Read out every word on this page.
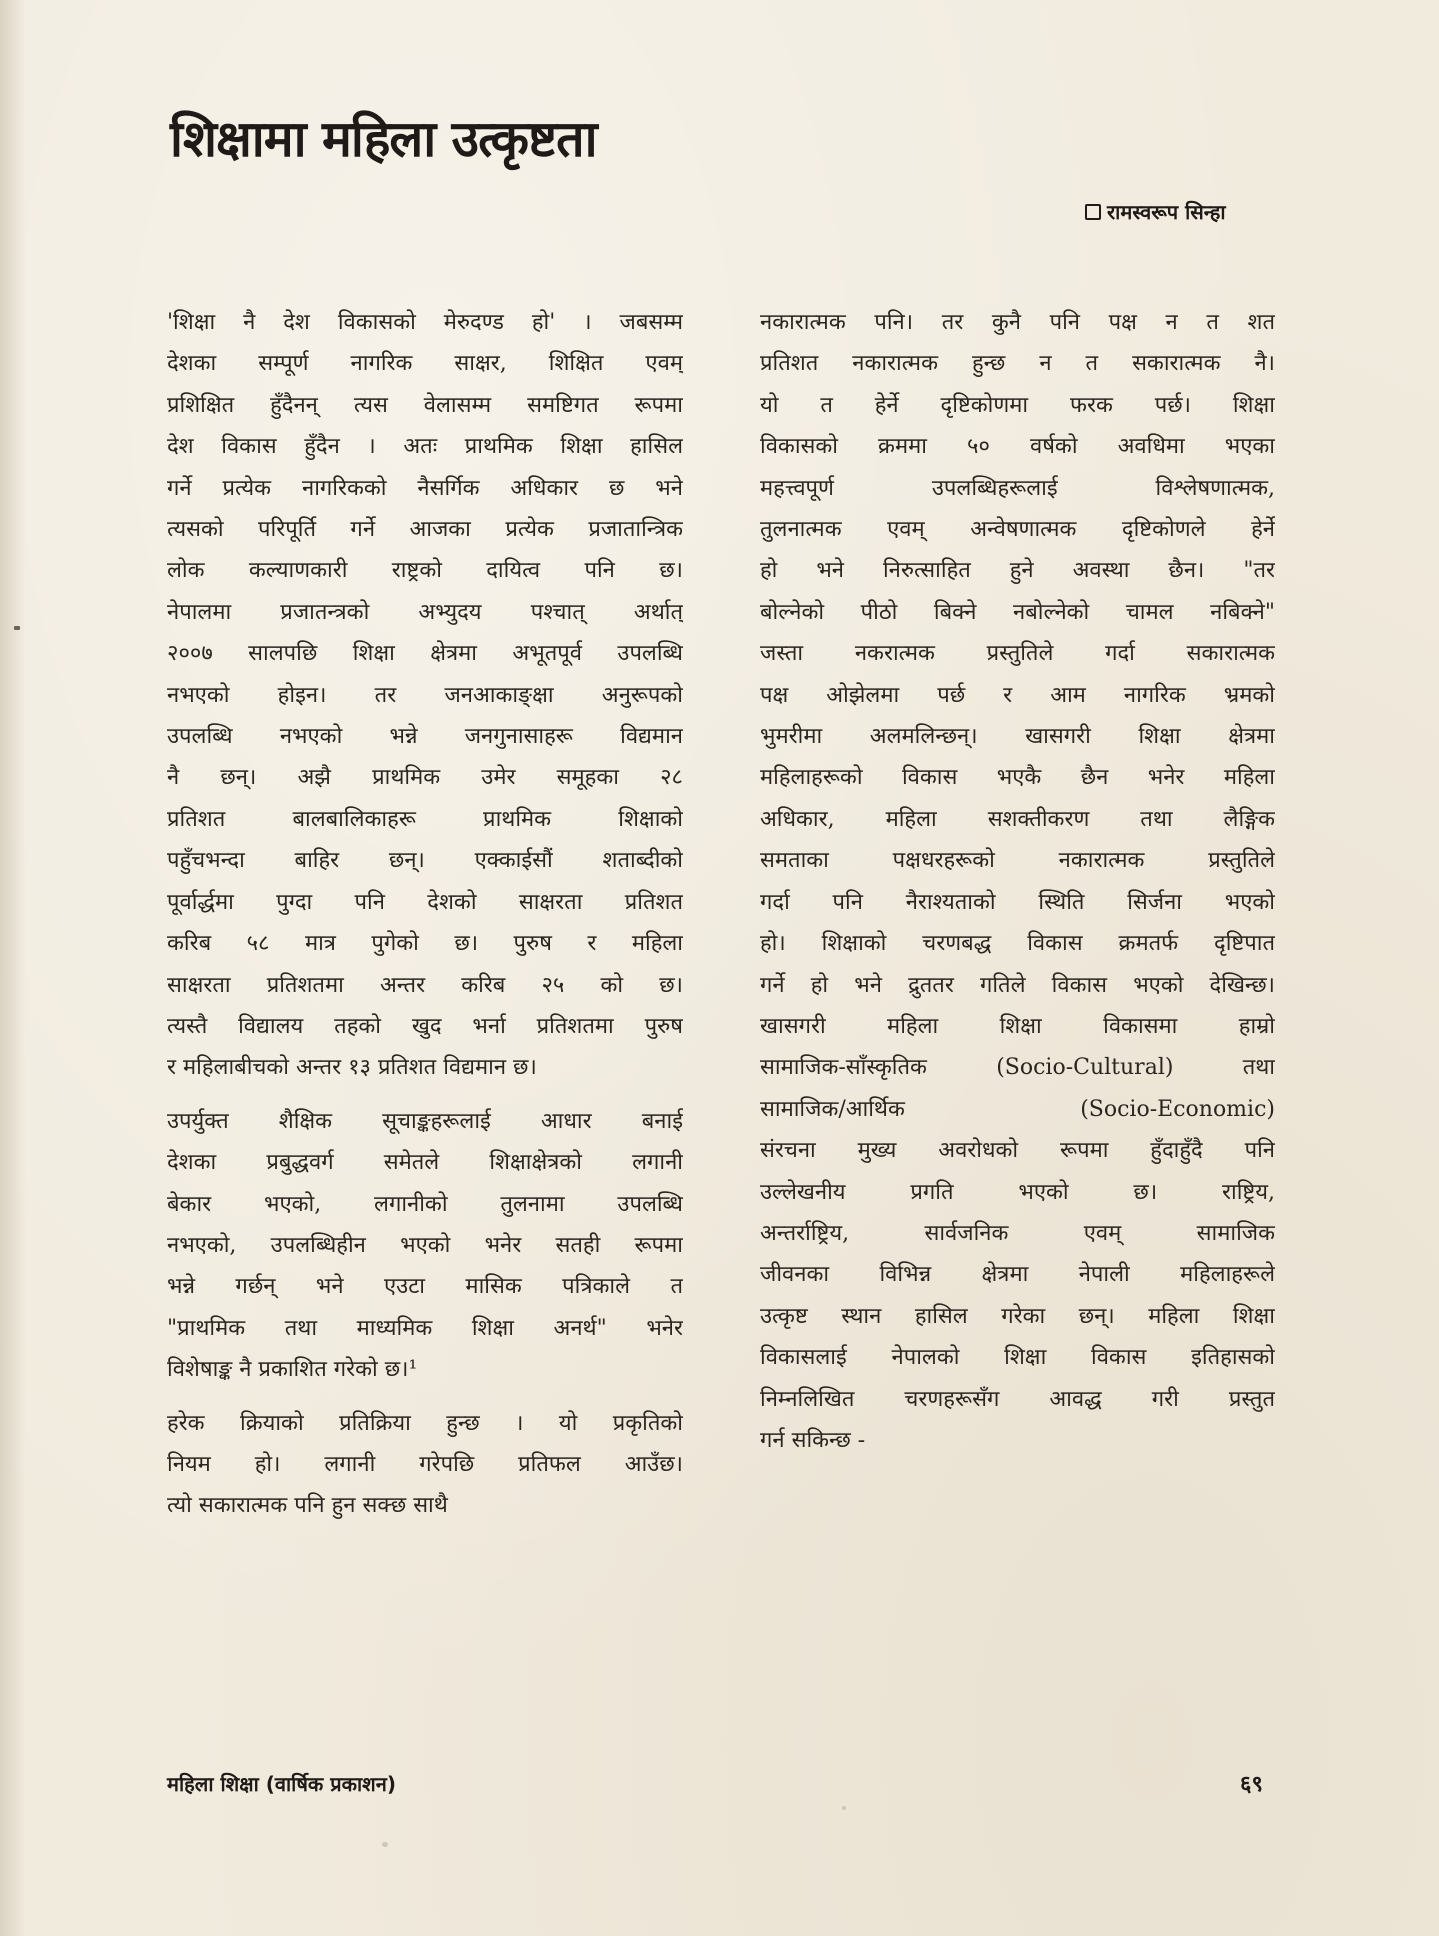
शिक्षामा महिला उत्कृष्टता
रामस्वरूप सिन्हा

'शिक्षा नै देश विकासको मेरुदण्ड हो' । जबसम्म
देशका सम्पूर्ण नागरिक साक्षर, शिक्षित एवम्
प्रशिक्षित हुँदैनन् त्यस वेलासम्म समष्टिगत रूपमा
देश विकास हुँदैन । अतः प्राथमिक शिक्षा हासिल
गर्ने प्रत्येक नागरिकको नैसर्गिक अधिकार छ भने
त्यसको परिपूर्ति गर्ने आजका प्रत्येक प्रजातान्त्रिक
लोक कल्याणकारी राष्ट्रको दायित्व पनि छ।
नेपालमा प्रजातन्त्रको अभ्युदय पश्चात् अर्थात्
२००७ सालपछि शिक्षा क्षेत्रमा अभूतपूर्व उपलब्धि
नभएको होइन। तर जनआकाङ्क्षा अनुरूपको
उपलब्धि नभएको भन्ने जनगुनासाहरू विद्यमान
नै छन्। अझै प्राथमिक उमेर समूहका २८
प्रतिशत बालबालिकाहरू प्राथमिक शिक्षाको
पहुँचभन्दा बाहिर छन्। एक्काईसौं शताब्दीको
पूर्वार्द्धमा पुग्दा पनि देशको साक्षरता प्रतिशत
करिब ५८ मात्र पुगेको छ। पुरुष र महिला
साक्षरता प्रतिशतमा अन्तर करिब २५ को छ।
त्यस्तै विद्यालय तहको खुद भर्ना प्रतिशतमा पुरुष
र महिलाबीचको अन्तर १३ प्रतिशत विद्यमान छ।

उपर्युक्त शैक्षिक सूचाङ्कहरूलाई आधार बनाई
देशका प्रबुद्धवर्ग समेतले शिक्षाक्षेत्रको लगानी
बेकार भएको, लगानीको तुलनामा उपलब्धि
नभएको, उपलब्धिहीन भएको भनेर सतही रूपमा
भन्ने गर्छन् भने एउटा मासिक पत्रिकाले त
"प्राथमिक तथा माध्यमिक शिक्षा अनर्थ" भनेर
विशेषाङ्क नै प्रकाशित गरेको छ।¹

हरेक क्रियाको प्रतिक्रिया हुन्छ । यो प्रकृतिको
नियम हो। लगानी गरेपछि प्रतिफल आउँछ।
त्यो सकारात्मक पनि हुन सक्छ साथै

नकारात्मक पनि। तर कुनै पनि पक्ष न त शत
प्रतिशत नकारात्मक हुन्छ न त सकारात्मक नै।
यो त हेर्ने दृष्टिकोणमा फरक पर्छ। शिक्षा
विकासको क्रममा ५० वर्षको अवधिमा भएका
महत्त्वपूर्ण उपलब्धिहरूलाई विश्लेषणात्मक,
तुलनात्मक एवम् अन्वेषणात्मक दृष्टिकोणले हेर्ने
हो भने निरुत्साहित हुने अवस्था छैन। "तर
बोल्नेको पीठो बिक्ने नबोल्नेको चामल नबिक्ने"
जस्ता नकरात्मक प्रस्तुतिले गर्दा सकारात्मक
पक्ष ओझेलमा पर्छ र आम नागरिक भ्रमको
भुमरीमा अलमलिन्छन्। खासगरी शिक्षा क्षेत्रमा
महिलाहरूको विकास भएकै छैन भनेर महिला
अधिकार, महिला सशक्तीकरण तथा लैङ्गिक
समताका पक्षधरहरूको नकारात्मक प्रस्तुतिले
गर्दा पनि नैराश्यताको स्थिति सिर्जना भएको
हो। शिक्षाको चरणबद्ध विकास क्रमतर्फ दृष्टिपात
गर्ने हो भने द्रुततर गतिले विकास भएको देखिन्छ।
खासगरी महिला शिक्षा विकासमा हाम्रो
सामाजिक-साँस्कृतिक (Socio-Cultural) तथा
सामाजिक/आर्थिक (Socio-Economic)
संरचना मुख्य अवरोधको रूपमा हुँदाहुँदै पनि
उल्लेखनीय प्रगति भएको छ। राष्ट्रिय,
अन्तर्राष्ट्रिय, सार्वजनिक एवम् सामाजिक
जीवनका विभिन्न क्षेत्रमा नेपाली महिलाहरूले
उत्कृष्ट स्थान हासिल गरेका छन्। महिला शिक्षा
विकासलाई नेपालको शिक्षा विकास इतिहासको
निम्नलिखित चरणहरूसँग आवद्ध गरी प्रस्तुत
गर्न सकिन्छ -

महिला शिक्षा (वार्षिक प्रकाशन)	६९
